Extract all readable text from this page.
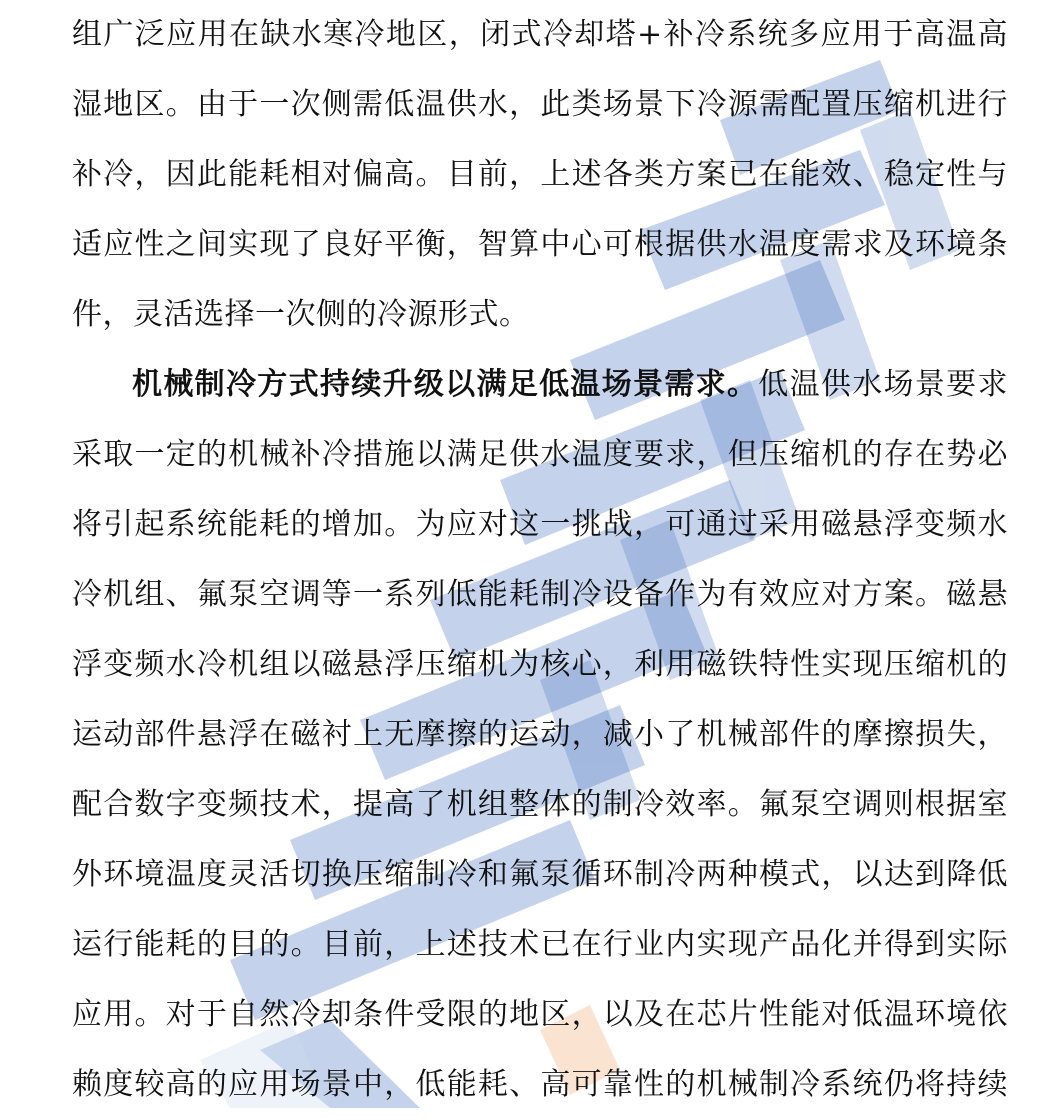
组广泛应用在缺水寒冷地区，闭式冷却塔+补冷系统多应用于高温高
湿地区。由于一次侧需低温供水，此类场景下冷源需配置压缩机进行
补冷，因此能耗相对偏高。目前，上述各类方案已在能效、稳定性与
适应性之间实现了良好平衡，智算中心可根据供水温度需求及环境条
件，灵活选择一次侧的冷源形式。
机械制冷方式持续升级以满足低温场景需求。低温供水场景要求
采取一定的机械补冷措施以满足供水温度要求，但压缩机的存在势必
将引起系统能耗的增加。为应对这一挑战，可通过采用磁悬浮变频水
冷机组、氟泵空调等一系列低能耗制冷设备作为有效应对方案。磁悬
浮变频水冷机组以磁悬浮压缩机为核心，利用磁铁特性实现压缩机的
运动部件悬浮在磁衬上无摩擦的运动，减小了机械部件的摩擦损失，
配合数字变频技术，提高了机组整体的制冷效率。氟泵空调则根据室
外环境温度灵活切换压缩制冷和氟泵循环制冷两种模式，以达到降低
运行能耗的目的。目前，上述技术已在行业内实现产品化并得到实际
应用。对于自然冷却条件受限的地区，以及在芯片性能对低温环境依
赖度较高的应用场景中，低能耗、高可靠性的机械制冷系统仍将持续
